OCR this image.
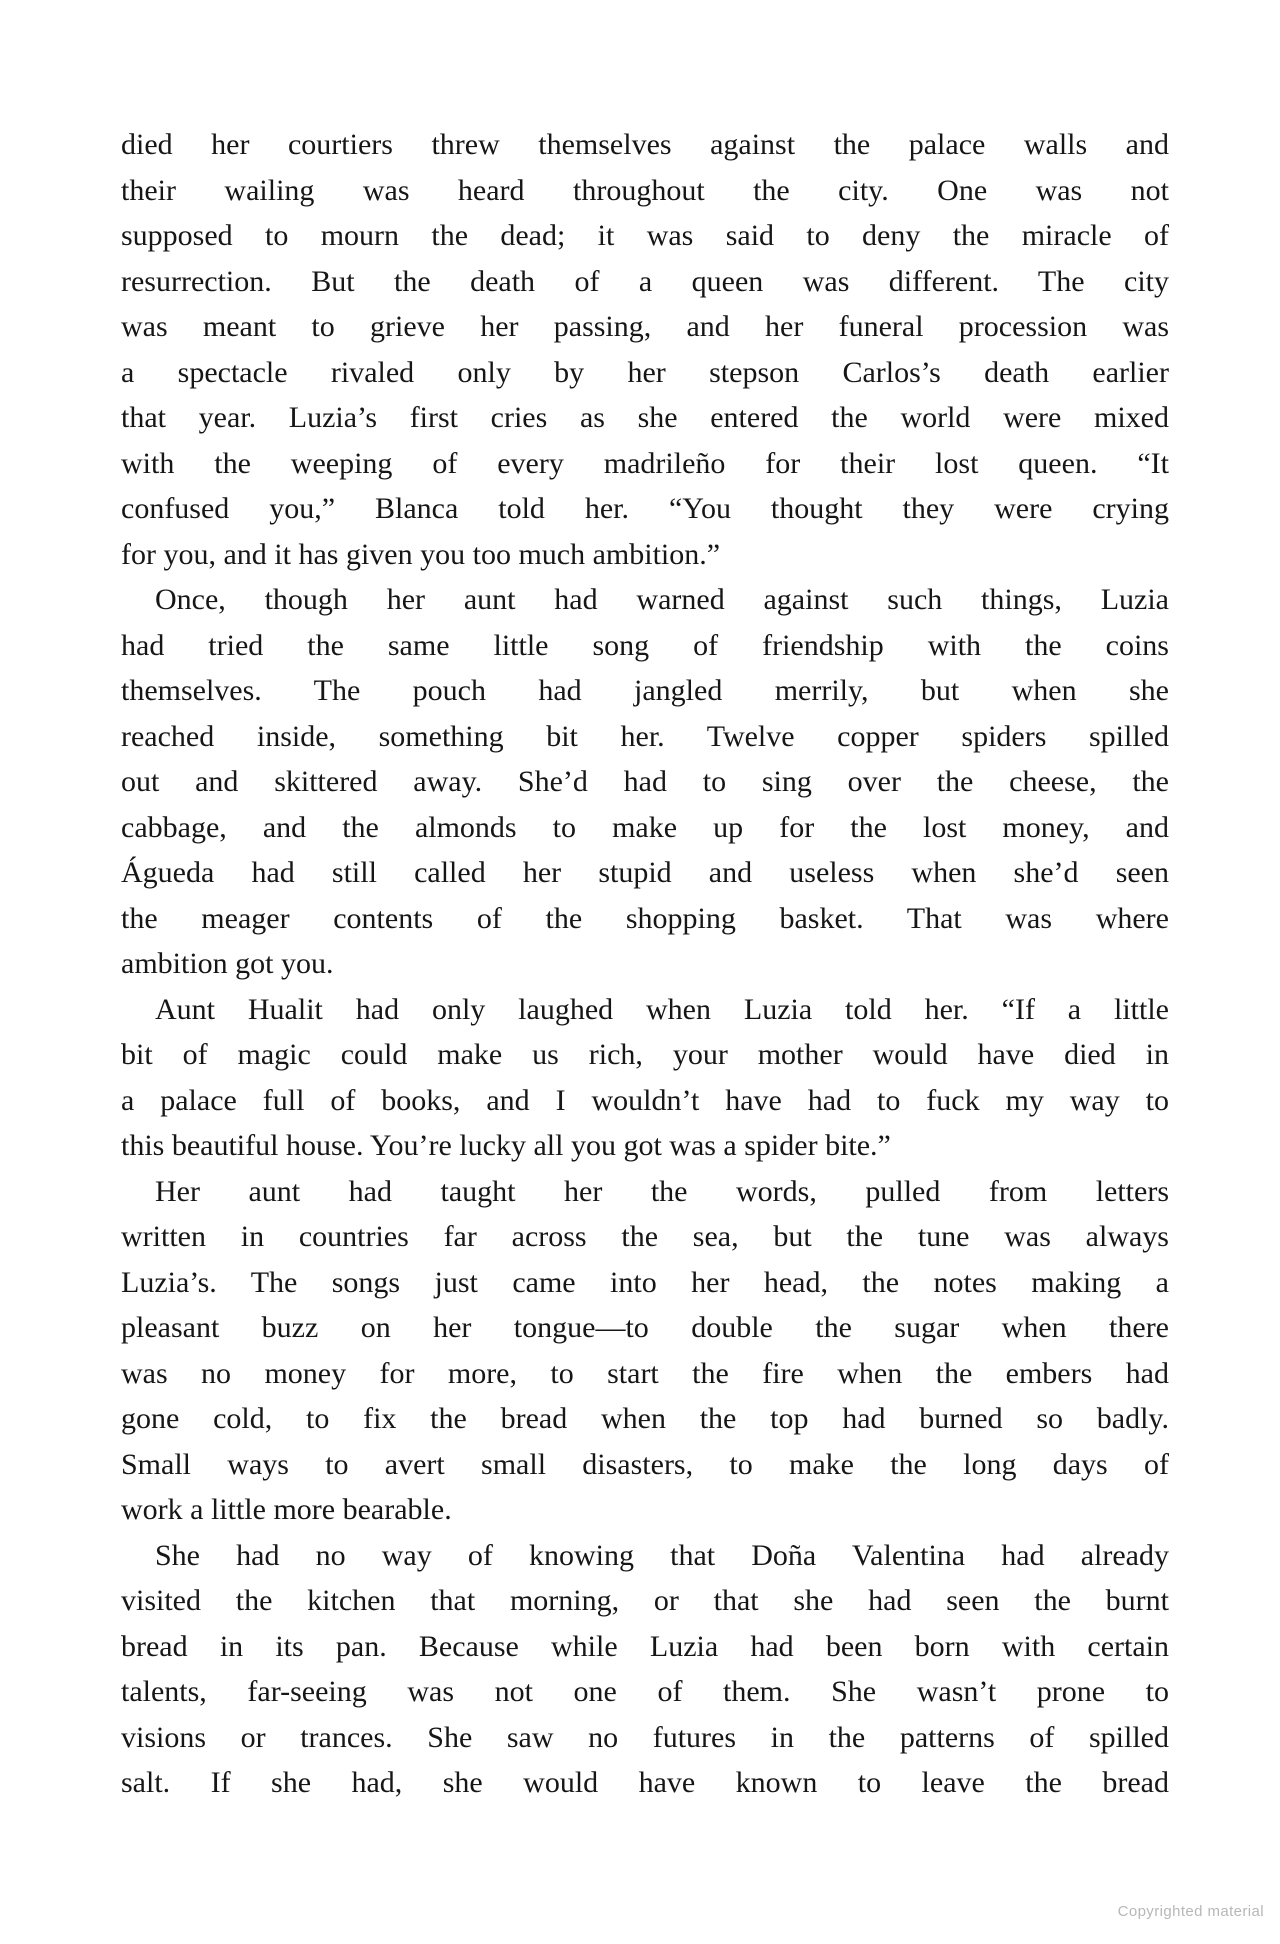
died her courtiers threw themselves against the palace walls and
their wailing was heard throughout the city. One was not
supposed to mourn the dead; it was said to deny the miracle of
resurrection. But the death of a queen was different. The city
was meant to grieve her passing, and her funeral procession was
a spectacle rivaled only by her stepson Carlos’s death earlier
that year. Luzia’s first cries as she entered the world were mixed
with the weeping of every madrileño for their lost queen. “It
confused you,” Blanca told her. “You thought they were crying
for you, and it has given you too much ambition.”
Once, though her aunt had warned against such things, Luzia
had tried the same little song of friendship with the coins
themselves. The pouch had jangled merrily, but when she
reached inside, something bit her. Twelve copper spiders spilled
out and skittered away. She’d had to sing over the cheese, the
cabbage, and the almonds to make up for the lost money, and
Águeda had still called her stupid and useless when she’d seen
the meager contents of the shopping basket. That was where
ambition got you.
Aunt Hualit had only laughed when Luzia told her. “If a little
bit of magic could make us rich, your mother would have died in
a palace full of books, and I wouldn’t have had to fuck my way to
this beautiful house. You’re lucky all you got was a spider bite.”
Her aunt had taught her the words, pulled from letters
written in countries far across the sea, but the tune was always
Luzia’s. The songs just came into her head, the notes making a
pleasant buzz on her tongue—to double the sugar when there
was no money for more, to start the fire when the embers had
gone cold, to fix the bread when the top had burned so badly.
Small ways to avert small disasters, to make the long days of
work a little more bearable.
She had no way of knowing that Doña Valentina had already
visited the kitchen that morning, or that she had seen the burnt
bread in its pan. Because while Luzia had been born with certain
talents, far-seeing was not one of them. She wasn’t prone to
visions or trances. She saw no futures in the patterns of spilled
salt. If she had, she would have known to leave the bread
Copyrighted material
